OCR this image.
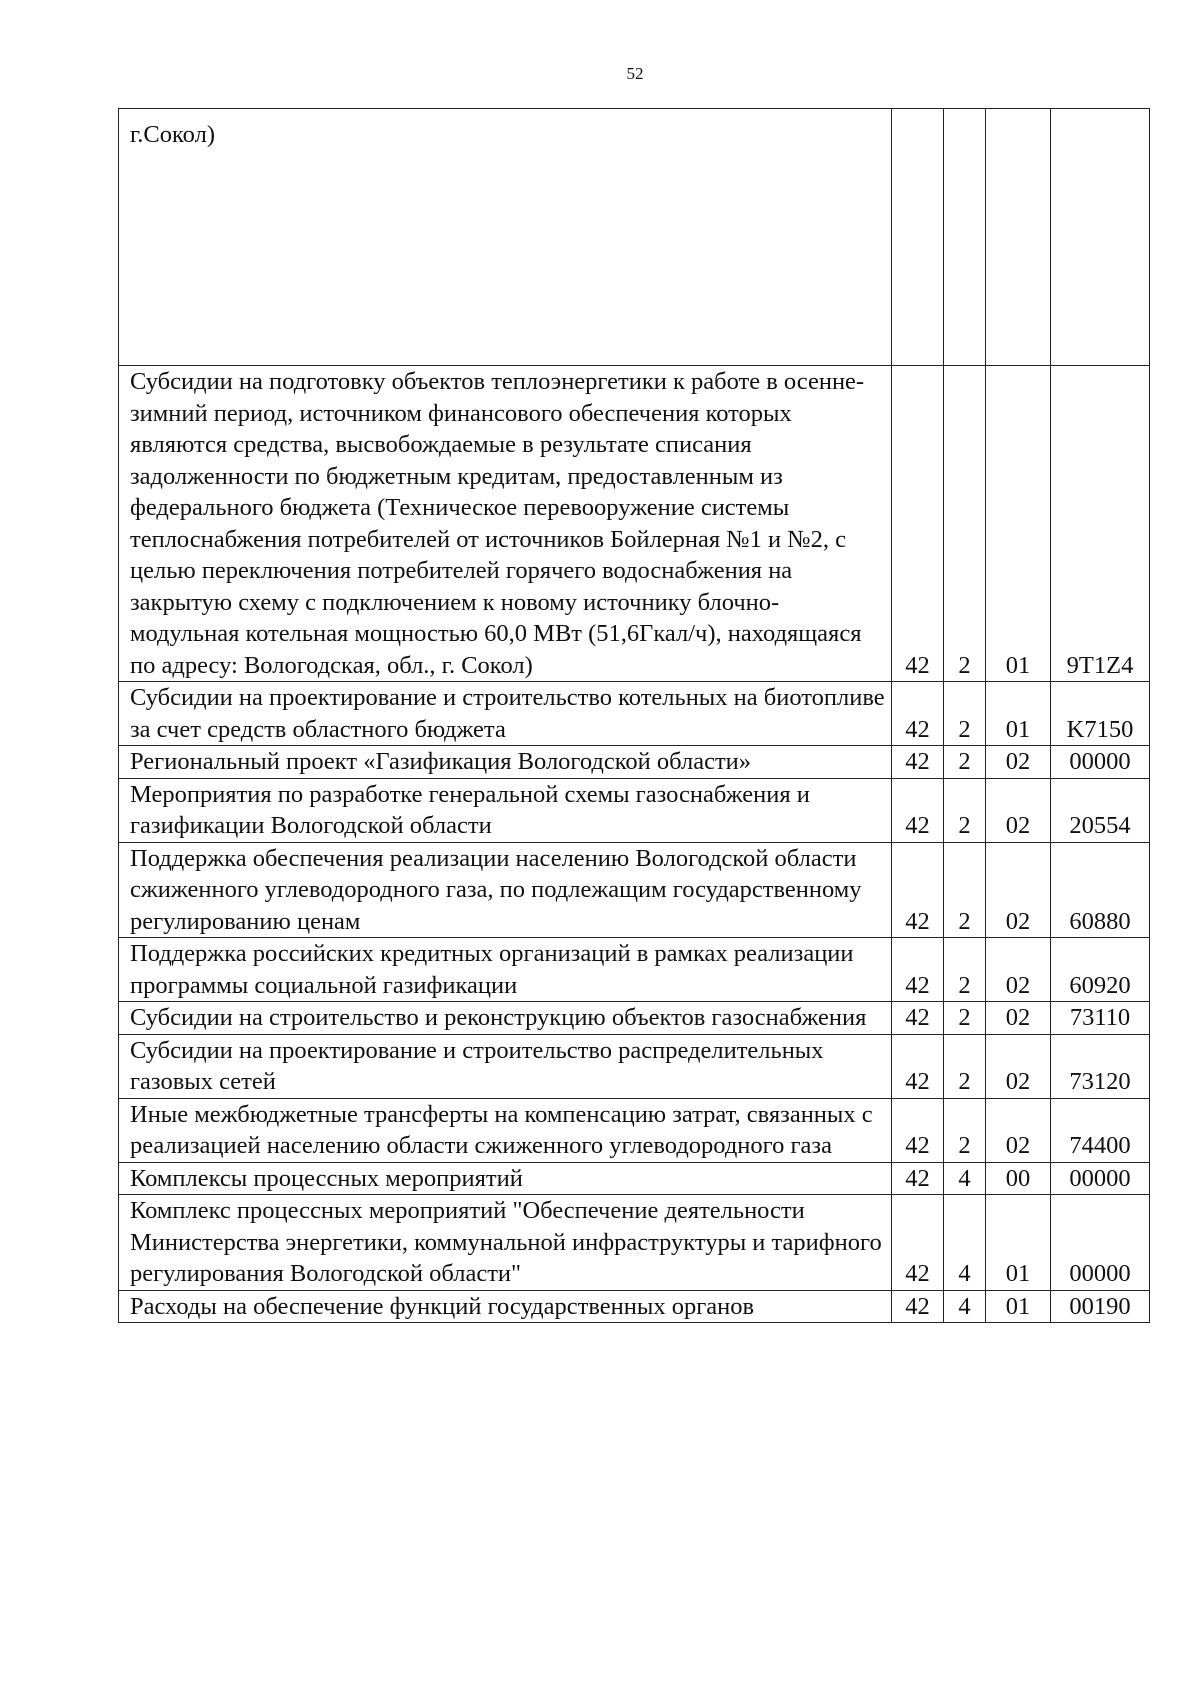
52
г.Сокол)				
Субсидии на подготовку объектов теплоэнергетики к работе в осенне-зимний период, источником финансового обеспечения которых являются средства, высвобождаемые в результате списания задолженности по бюджетным кредитам, предоставленным из федерального бюджета (Техническое перевооружение системы теплоснабжения потребителей от источников Бойлерная №1 и №2, с целью переключения потребителей горячего водоснабжения на закрытую схему с подключением к новому источнику блочно-модульная котельная мощностью 60,0 МВт (51,6Гкал/ч), находящаяся по адресу: Вологодская, обл., г. Сокол)	42	2	01	9T1Z4
Субсидии на проектирование и строительство котельных на биотопливе за счет средств областного бюджета	42	2	01	K7150
Региональный проект «Газификация Вологодской области»	42	2	02	00000
Мероприятия по разработке генеральной схемы газоснабжения и газификации Вологодской области	42	2	02	20554
Поддержка обеспечения реализации населению Вологодской области сжиженного углеводородного газа, по подлежащим государственному регулированию ценам	42	2	02	60880
Поддержка российских кредитных организаций в рамках реализации программы социальной газификации	42	2	02	60920
Субсидии на строительство и реконструкцию объектов газоснабжения	42	2	02	73110
Субсидии на проектирование и строительство распределительных газовых сетей	42	2	02	73120
Иные межбюджетные трансферты на компенсацию затрат, связанных с реализацией населению области сжиженного углеводородного газа	42	2	02	74400
Комплексы процессных мероприятий	42	4	00	00000
Комплекс процессных мероприятий "Обеспечение деятельности Министерства энергетики, коммунальной инфраструктуры и тарифного регулирования Вологодской области"	42	4	01	00000
Расходы на обеспечение функций государственных органов	42	4	01	00190
